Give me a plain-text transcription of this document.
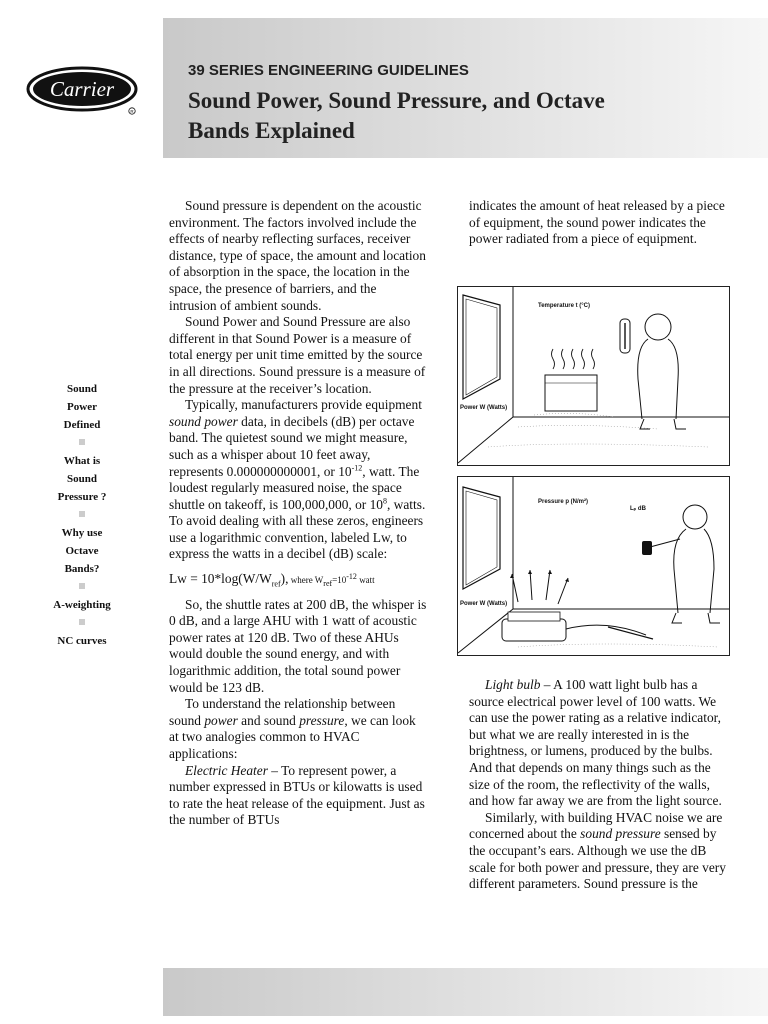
Carrier
R
39 SERIES ENGINEERING GUIDELINES
Sound Power, Sound Pressure, and Octave
Bands Explained
Sound
Power
Defined
What is
Sound
Pressure ?
Why use
Octave
Bands?
A-weighting
NC curves

Sound pressure is dependent on the acoustic environment. The factors involved include the effects of nearby reflecting surfaces, receiver distance, type of space, the amount and location of absorption in the space, the location in the space, the presence of barriers, and the intrusion of ambient sounds.

Sound Power and Sound Pressure are also different in that Sound Power is a measure of total energy per unit time emitted by the source in all directions. Sound pressure is a measure of the pressure at the receiver’s location.

Typically, manufacturers provide equipment sound power data, in decibels (dB) per octave band. The quietest sound we might measure, such as a whisper about 10 feet away, represents 0.000000000001, or $10^{-12}$, watt. The loudest regularly measured noise, the space shuttle on takeoff, is 100,000,000, or $10^8$, watts. To avoid dealing with all these zeros, engineers use a logarithmic convention, labeled Lw, to express the watts in a decibel (dB) scale:

$Lw = 10*\log(W/W_{ref})$, where $W_{ref}=10^{-12}$ watt

So, the shuttle rates at 200 dB, the whisper is 0 dB, and a large AHU with 1 watt of acoustic power rates at 120 dB. Two of these AHUs would double the sound energy, and with logarithmic addition, the total sound power would be 123 dB.

To understand the relationship between sound power and sound pressure, we can look at two analogies common to HVAC applications:

Electric Heater – To represent power, a number expressed in BTUs or kilowatts is used to rate the heat release of the equipment. Just as the number of BTUs

indicates the amount of heat released by a piece of equipment, the sound power indicates the power radiated from a piece of equipment.

Temperature t (°C)
Power W (Watts)
Pressure p (N/m²)
Lₚ dB
Power W (Watts)

Light bulb – A 100 watt light bulb has a source electrical power level of 100 watts. We can use the power rating as a relative indicator, but what we are really interested in is the brightness, or lumens, produced by the bulbs. And that depends on many things such as the size of the room, the reflectivity of the walls, and how far away we are from the light source.

Similarly, with building HVAC noise we are concerned about the sound pressure sensed by the occupant’s ears. Although we use the dB scale for both power and pressure, they are very different parameters. Sound pressure is the
